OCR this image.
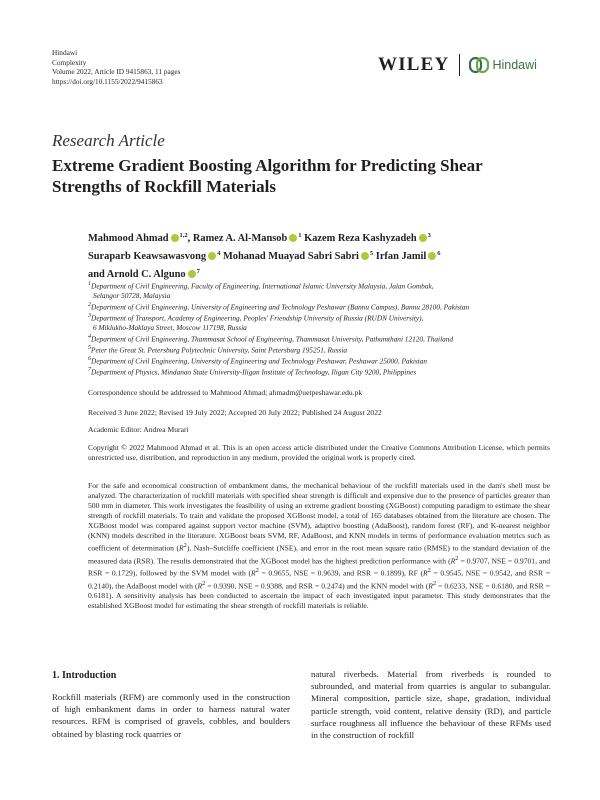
Hindawi
Complexity
Volume 2022, Article ID 9415863, 11 pages
https://doi.org/10.1155/2022/9415863
WILEY	Hindawi
Research Article
Extreme Gradient Boosting Algorithm for Predicting Shear Strengths of Rockfill Materials
Mahmood Ahmad $^{1,2}$, Ramez A. Al-Mansob $^1$ Kazem Reza Kashyzadeh $^3$
Suraparb Keawsawasvong $^4$ Mohanad Muayad Sabri Sabri $^5$ Irfan Jamil $^6$
and Arnold C. Alguno $^7$
$^1$Department of Civil Engineering, Faculty of Engineering, International Islamic University Malaysia, Jalan Gombak,
Selangor 50728, Malaysia
$^2$Department of Civil Engineering, University of Engineering and Technology Peshawar (Bannu Campus), Bannu 28100, Pakistan
$^3$Department of Transport, Academy of Engineering, Peoples' Friendship University of Russia (RUDN University),
6 Miklukho-Maklaya Street, Moscow 117198, Russia
$^4$Department of Civil Engineering, Thammasat School of Engineering, Thammasat University, Pathumthani 12120, Thailand
$^5$Peter the Great St. Petersburg Polytechnic University, Saint Petersburg 195251, Russia
$^6$Department of Civil Engineering, University of Engineering and Technology Peshawar, Peshawar 25000, Pakistan
$^7$Department of Physics, Mindanao State University-Iligan Institute of Technology, Iligan City 9200, Philippines
Correspondence should be addressed to Mahmood Ahmad; ahmadm@uetpeshawar.edu.pk
Received 3 June 2022; Revised 19 July 2022; Accepted 20 July 2022; Published 24 August 2022
Academic Editor: Andrea Murari
Copyright © 2022 Mahmood Ahmad et al. This is an open access article distributed under the Creative Commons Attribution License, which permits unrestricted use, distribution, and reproduction in any medium, provided the original work is properly cited.
For the safe and economical construction of embankment dams, the mechanical behaviour of the rockfill materials used in the dam's shell must be analyzed. The characterization of rockfill materials with specified shear strength is difficult and expensive due to the presence of particles greater than 500 mm in diameter. This work investigates the feasibility of using an extreme gradient boosting (XGBoost) computing paradigm to estimate the shear strength of rockfill materials. To train and validate the proposed XGBoost model, a total of 165 databases obtained from the literature are chosen. The XGBoost model was compared against support vector machine (SVM), adaptive boosting (AdaBoost), random forest (RF), and K-nearest neighbor (KNN) models described in the literature. XGBoost beats SVM, RF, AdaBoost, and KNN models in terms of performance evaluation metrics such as coefficient of determination $(R^2)$, Nash–Sutcliffe coefficient (NSE), and error in the root mean square ratio (RMSE) to the standard deviation of the measured data (RSR). The results demonstrated that the XGBoost model has the highest prediction performance with ($R^2 = 0.9707$, NSE = 0.9701, and RSR = 0.1729), followed by the SVM model with ($R^2 = 0.9655$, NSE = 0.9639, and RSR = 0.1899), RF ($R^2 = 0.9545$, NSE = 0.9542, and RSR = 0.2140), the AdaBoost model with ($R^2 = 0.9390$, NSE = 0.9388, and RSR = 0.2474) and the KNN model with ($R^2 = 0.6233$, NSE = 0.6180, and RSR = 0.6181). A sensitivity analysis has been conducted to ascertain the impact of each investigated input parameter. This study demonstrates that the established XGBoost model for estimating the shear strength of rockfill materials is reliable.
1. Introduction
Rockfill materials (RFM) are commonly used in the construction of high embankment dams in order to harness natural water resources. RFM is comprised of gravels, cobbles, and boulders obtained by blasting rock quarries or
natural riverbeds. Material from riverbeds is rounded to subrounded, and material from quarries is angular to subangular. Mineral composition, particle size, shape, gradation, individual particle strength, void content, relative density (RD), and particle surface roughness all influence the behaviour of these RFMs used in the construction of rockfill
